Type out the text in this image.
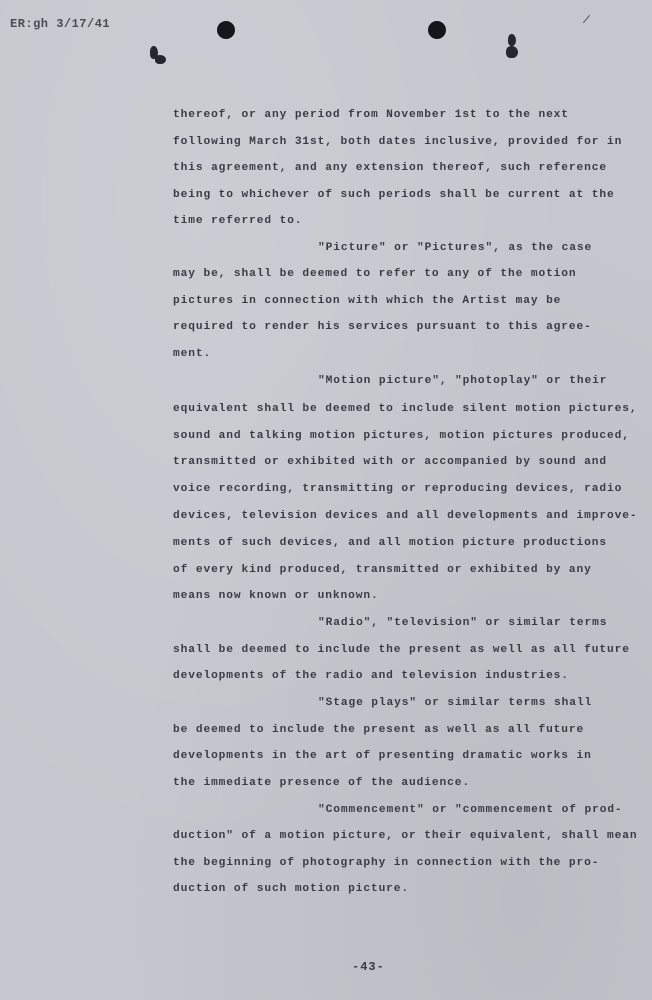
ER:gh 3/17/41
thereof, or any period from November 1st to the next
following March 31st, both dates inclusive, provided for in
this agreement, and any extension thereof, such reference
being to whichever of such periods shall be current at the
time referred to.
"Picture" or "Pictures", as the case
may be, shall be deemed to refer to any of the motion
pictures in connection with which the Artist may be
required to render his services pursuant to this agree-
ment.
"Motion picture", "photoplay" or their
equivalent shall be deemed to include silent motion pictures,
sound and talking motion pictures, motion pictures produced,
transmitted or exhibited with or accompanied by sound and
voice recording, transmitting or reproducing devices, radio
devices, television devices and all developments and improve-
ments of such devices, and all motion picture productions
of every kind produced, transmitted or exhibited by any
means now known or unknown.
"Radio", "television" or similar terms
shall be deemed to include the present as well as all future
developments of the radio and television industries.
"Stage plays" or similar terms shall
be deemed to include the present as well as all future
developments in the art of presenting dramatic works in
the immediate presence of the audience.
"Commencement" or "commencement of prod-
duction" of a motion picture, or their equivalent, shall mean
the beginning of photography in connection with the pro-
duction of such motion picture.
-43-
